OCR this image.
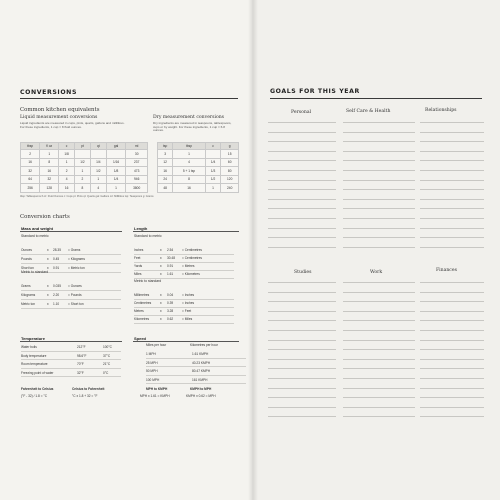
CONVERSIONS
Common kitchen equivalents
Liquid measurement conversions
Liquid ingredients are measured in cups, pints, quarts, gallons and millilitres. For these ingredients, 1 cup = 8 fluid ounces.
Dry measurement conversions
Dry ingredients are measured in teaspoons, tablespoons, cups or by weight. For these ingredients, 1 cup = 6.8 ounces.
tbsp	fl oz	c	pt	qt	gal	ml
2	1	1/8				30
16	8	1	1/2	1/4	1/16	237
32	16	2	1	1/2	1/8	473
64	32	4	2	1	1/4	946
256	128	16	8	4	1	3800
tsp	tbsp	c	g
3	1		15
12	4	1/4	60
16	5 + 1 tsp	1/3	80
24	8	1/2	120
48	16	1	240
tbsp: Tablespoons fl oz: Fluid Ounces c: Cups pt: Pints qt: Quarts gal: Gallons ml: Millilitres tsp: Teaspoons g: Grams
Conversion charts
Mass and weight
Standard to metric
Ounces	x 28.35 = Grams
Pounds	x 0.45	= Kilograms
Short ton	x 0.91	= Metric ton
Metric to standard
Grams	x 0.035 = Ounces
Kilograms	x 2.20	= Pounds
Metric ton	x 1.10	= Short ton
Length
Standard to metric
Inches	x 2.54	= Centimetres
Feet	x 30.48 = Centimetres
Yards	x 0.91	= Metres
Miles	x 1.61	= Kilometres
Metric to standard
Millimetres	x 0.04	= Inches
Centimetres	x 0.39	= Inches
Metres	x 3.28	= Feet
Kilometres	x 0.62	= Miles
Temperature
Water boils	212°F	100°C
Body temperature	98.6°F	37°C
Room temperature	70°F	21°C
Freezing point of water	32°F	0°C
Fahrenheit to Celsius	Celsius to Fahrenheit
(°F - 32) / 1.8 = °C	°C x 1.8 + 32 = °F
Speed
Miles per hour	Kilometres per hour
1 MPH	1.61 KMPH
25 MPH	40.23 KMPH
50 MPH	80.47 KMPH
100 MPH	161 KMPH
MPH to KMPH	KMPH to MPH
MPH x 1.61 = KMPH	KMPH x 0.62 = MPH
GOALS FOR THIS YEAR
Personal	Self Care & Health	Relationships
Studies	Work	Finances
